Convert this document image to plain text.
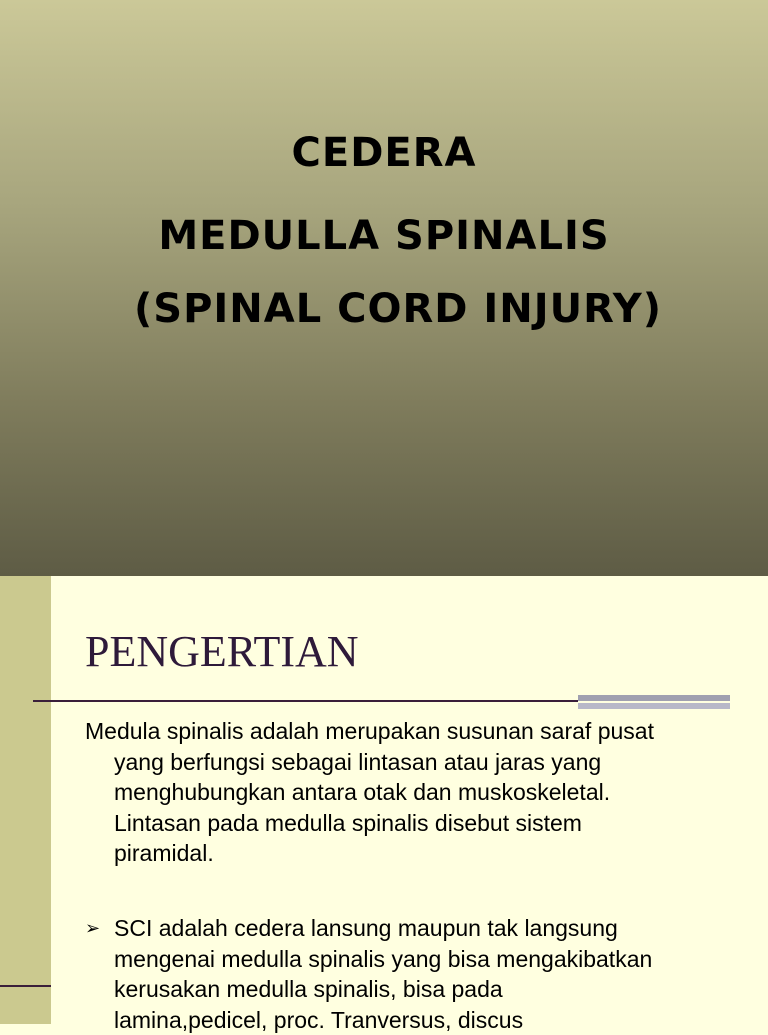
CEDERA
MEDULLA SPINALIS
(SPINAL CORD INJURY)
PENGERTIAN
Medula spinalis adalah merupakan susunan saraf pusat
yang berfungsi sebagai lintasan atau jaras yang
menghubungkan antara otak dan muskoskeletal.
Lintasan pada medulla spinalis disebut sistem
piramidal.
➢ SCI adalah cedera lansung maupun tak langsung
mengenai medulla spinalis yang bisa mengakibatkan
kerusakan medulla spinalis, bisa pada
lamina,pedicel, proc. Tranversus, discus
